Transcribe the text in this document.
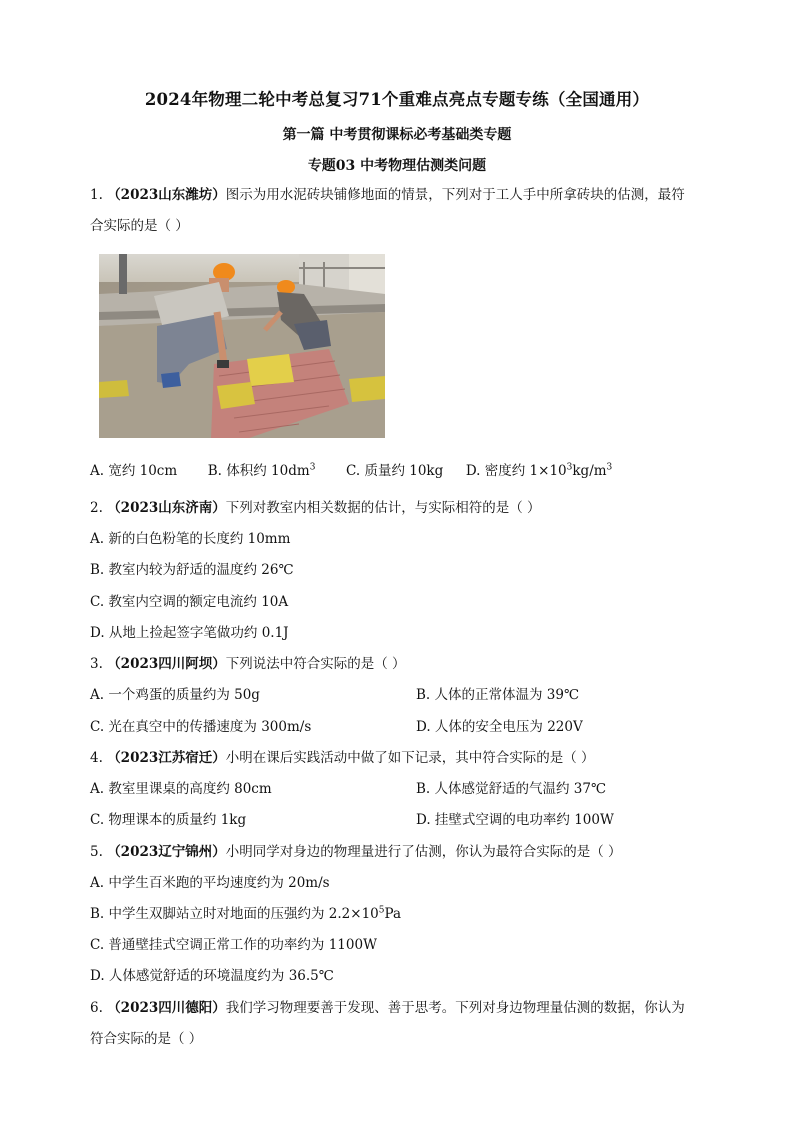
2024年物理二轮中考总复习71个重难点亮点专题专练（全国通用）
第一篇 中考贯彻课标必考基础类专题
专题03 中考物理估测类问题
1. （2023山东潍坊）图示为用水泥砖块铺修地面的情景，下列对于工人手中所拿砖块的估测，最符
合实际的是（ ）
A. 宽约 10cm B. 体积约 $10dm^3$ C. 质量约 10kg D. 密度约 $1\times 10^3kg/m^3$
2. （2023山东济南）下列对教室内相关数据的估计，与实际相符的是（ ）
A. 新的白色粉笔的长度约 10mm
B. 教室内较为舒适的温度约 26℃
C. 教室内空调的额定电流约 10A
D. 从地上捡起签字笔做功约 0.1J
3. （2023四川阿坝）下列说法中符合实际的是（ ）
A. 一个鸡蛋的质量约为 50g	B. 人体的正常体温为 39℃
C. 光在真空中的传播速度为 300m/s	D. 人体的安全电压为 220V
4. （2023江苏宿迁）小明在课后实践活动中做了如下记录，其中符合实际的是（ ）
A. 教室里课桌的高度约 80cm	B. 人体感觉舒适的气温约 37℃
C. 物理课本的质量约 1kg	D. 挂壁式空调的电功率约 100W
5. （2023辽宁锦州）小明同学对身边的物理量进行了估测，你认为最符合实际的是（ ）
A. 中学生百米跑的平均速度约为 20m/s
B. 中学生双脚站立时对地面的压强约为 $2.2\times 10^5Pa$
C. 普通壁挂式空调正常工作的功率约为 1100W
D. 人体感觉舒适的环境温度约为 36.5℃
6. （2023四川德阳）我们学习物理要善于发现、善于思考。下列对身边物理量估测的数据，你认为
符合实际的是（ ）
